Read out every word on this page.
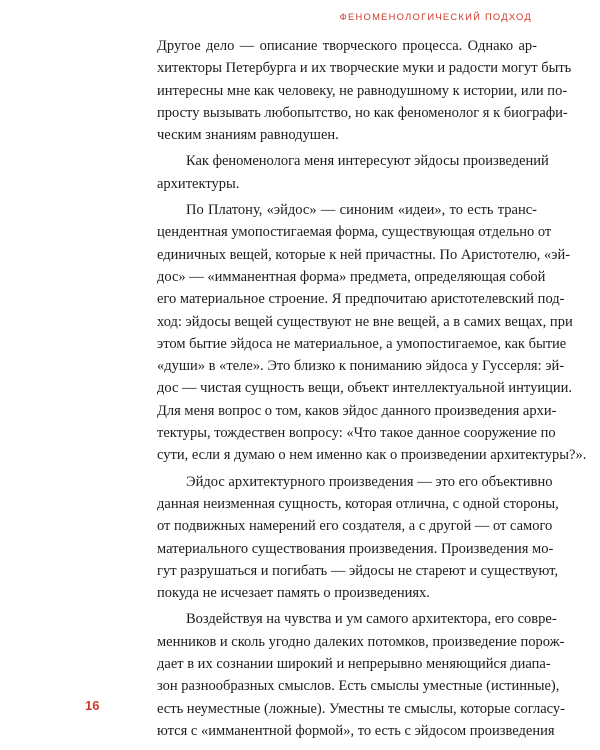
ФЕНОМЕНОЛОГИЧЕСКИЙ ПОДХОД
Другое дело — описание творческого процесса. Однако ар-
хитекторы Петербурга и их творческие муки и радости могут быть
интересны мне как человеку, не равнодушному к истории, или по-
просту вызывать любопытство, но как феноменолог я к биографи-
ческим знаниям равнодушен.
Как феноменолога меня интересуют эйдосы произведений
архитектуры.
По Платону, «эйдос» — синоним «идеи», то есть транс-
цендентная умопостигаемая форма, существующая отдельно от
единичных вещей, которые к ней причастны. По Аристотелю, «эй-
дос» — «имманентная форма» предмета, определяющая собой
его материальное строение. Я предпочитаю аристотелевский под-
ход: эйдосы вещей существуют не вне вещей, а в самих вещах, при
этом бытие эйдоса не материальное, а умопостигаемое, как бытие
«души» в «теле». Это близко к пониманию эйдоса у Гуссерля: эй-
дос — чистая сущность вещи, объект интеллектуальной интуиции.
Для меня вопрос о том, каков эйдос данного произведения архи-
тектуры, тождествен вопросу: «Что такое данное сооружение по
сути, если я думаю о нем именно как о произведении архитектуры?».
Эйдос архитектурного произведения — это его объективно
данная неизменная сущность, которая отлична, с одной стороны,
от подвижных намерений его создателя, а с другой — от самого
материального существования произведения. Произведения мо-
гут разрушаться и погибать — эйдосы не стареют и существуют,
покуда не исчезает память о произведениях.
Воздействуя на чувства и ум самого архитектора, его совре-
менников и сколь угодно далеких потомков, произведение порож-
дает в их сознании широкий и непрерывно меняющийся диапа-
зон разнообразных смыслов. Есть смыслы уместные (истинные),
есть неуместные (ложные). Уместны те смыслы, которые согласу-
ются с «имманентной формой», то есть с эйдосом произведения
16
